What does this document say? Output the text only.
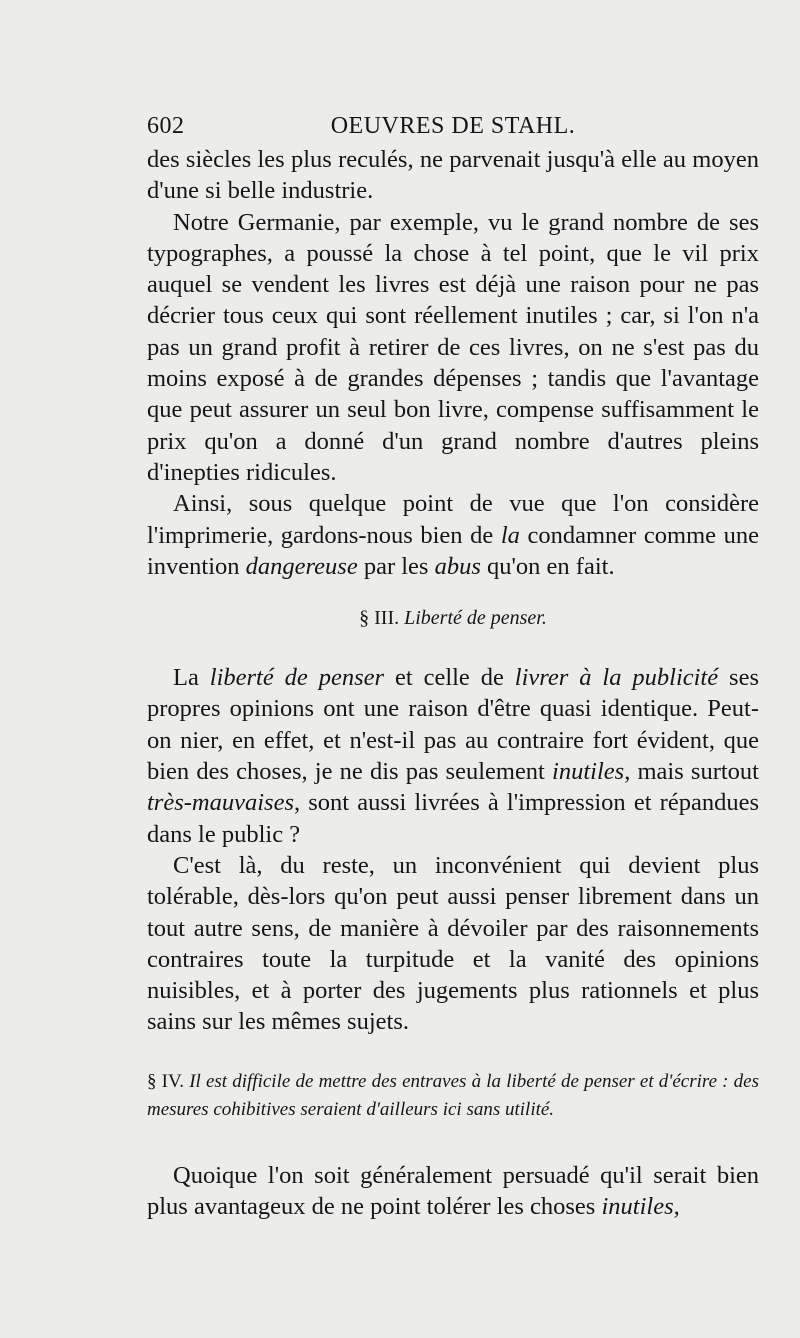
602	OEUVRES DE STAHL.

des siècles les plus reculés, ne parvenait jusqu'à elle au moyen d'une si belle industrie.

Notre Germanie, par exemple, vu le grand nombre de ses typographes, a poussé la chose à tel point, que le vil prix auquel se vendent les livres est déjà une raison pour ne pas décrier tous ceux qui sont réellement inutiles ; car, si l'on n'a pas un grand profit à retirer de ces livres, on ne s'est pas du moins exposé à de grandes dépenses ; tandis que l'avantage que peut assurer un seul bon livre, compense suffisamment le prix qu'on a donné d'un grand nombre d'autres pleins d'inepties ridicules.

Ainsi, sous quelque point de vue que l'on considère l'imprimerie, gardons-nous bien de la condamner comme une invention dangereuse par les abus qu'on en fait.

§ III. Liberté de penser.

La liberté de penser et celle de livrer à la publicité ses propres opinions ont une raison d'être quasi identique. Peut-on nier, en effet, et n'est-il pas au contraire fort évident, que bien des choses, je ne dis pas seulement inutiles, mais surtout très-mauvaises, sont aussi livrées à l'impression et répandues dans le public ?

C'est là, du reste, un inconvénient qui devient plus tolérable, dès-lors qu'on peut aussi penser librement dans un tout autre sens, de manière à dévoiler par des raisonnements contraires toute la turpitude et la vanité des opinions nuisibles, et à porter des jugements plus rationnels et plus sains sur les mêmes sujets.

§ IV. Il est difficile de mettre des entraves à la liberté de penser et d'écrire : des mesures cohibitives seraient d'ailleurs ici sans utilité.

Quoique l'on soit généralement persuadé qu'il serait bien plus avantageux de ne point tolérer les choses inutiles,
